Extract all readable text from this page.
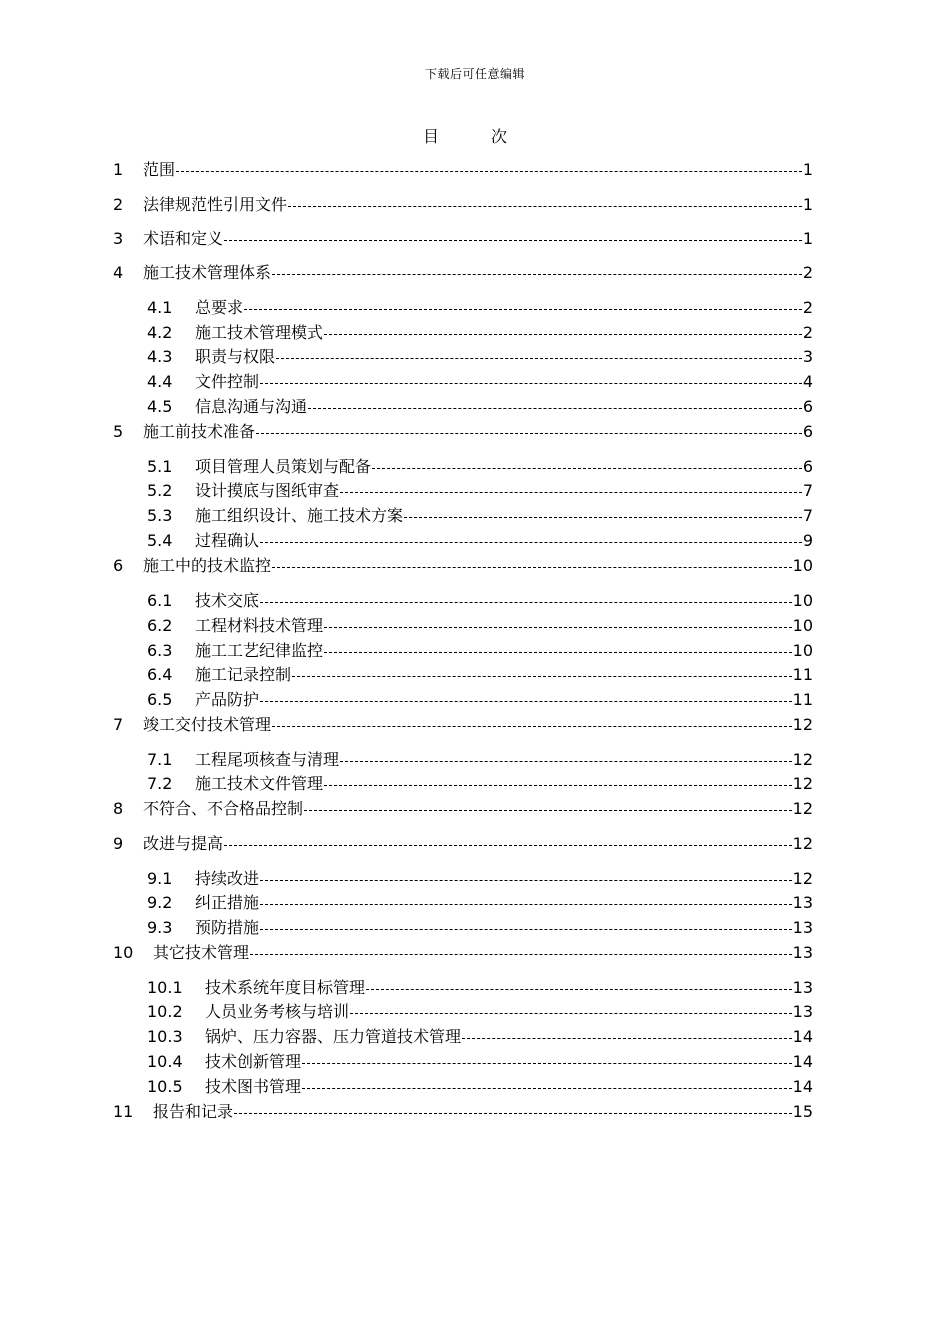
下载后可任意编辑
目　次
1	范围	1
2	法律规范性引用文件	1
3	术语和定义	1
4	施工技术管理体系	2
4.1	总要求	2
4.2	施工技术管理模式	2
4.3	职责与权限	3
4.4	文件控制	4
4.5	信息沟通与沟通	6
5	施工前技术准备	6
5.1	项目管理人员策划与配备	6
5.2	设计摸底与图纸审查	7
5.3	施工组织设计、施工技术方案	7
5.4	过程确认	9
6	施工中的技术监控	10
6.1	技术交底	10
6.2	工程材料技术管理	10
6.3	施工工艺纪律监控	10
6.4	施工记录控制	11
6.5	产品防护	11
7	竣工交付技术管理	12
7.1	工程尾项核查与清理	12
7.2	施工技术文件管理	12
8	不符合、不合格品控制	12
9	改进与提高	12
9.1	持续改进	12
9.2	纠正措施	13
9.3	预防措施	13
10	其它技术管理	13
10.1	技术系统年度目标管理	13
10.2	人员业务考核与培训	13
10.3	锅炉、压力容器、压力管道技术管理	14
10.4	技术创新管理	14
10.5	技术图书管理	14
11	报告和记录	15
